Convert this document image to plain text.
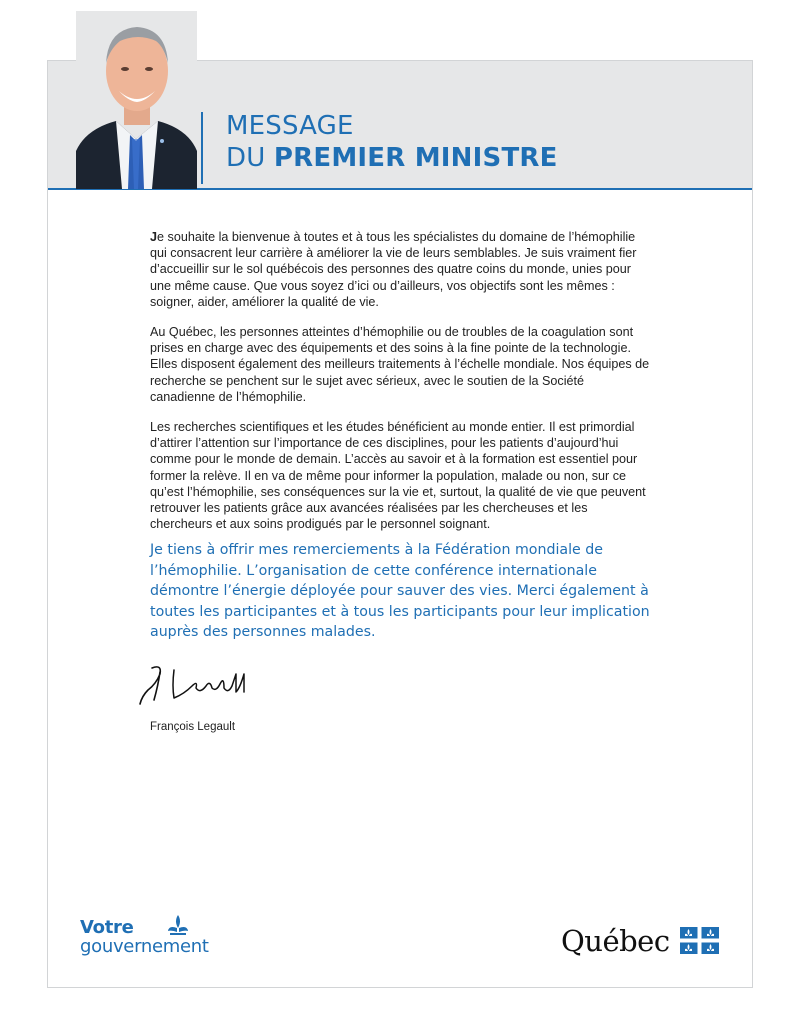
MESSAGE
DU PREMIER MINISTRE

Je souhaite la bienvenue à toutes et à tous les spécialistes du domaine de l’hémophilie qui consacrent leur carrière à améliorer la vie de leurs semblables. Je suis vraiment fier d’accueillir sur le sol québécois des personnes des quatre coins du monde, unies pour une même cause. Que vous soyez d’ici ou d’ailleurs, vos objectifs sont les mêmes : soigner, aider, améliorer la qualité de vie.

Au Québec, les personnes atteintes d’hémophilie ou de troubles de la coagulation sont prises en charge avec des équipements et des soins à la fine pointe de la technologie. Elles disposent également des meilleurs traitements à l’échelle mondiale. Nos équipes de recherche se penchent sur le sujet avec sérieux, avec le soutien de la Société canadienne de l’hémophilie.

Les recherches scientifiques et les études bénéficient au monde entier. Il est primordial d’attirer l’attention sur l’importance de ces disciplines, pour les patients d’aujourd’hui comme pour le monde de demain. L’accès au savoir et à la formation est essentiel pour former la relève. Il en va de même pour informer la population, malade ou non, sur ce qu’est l’hémophilie, ses conséquences sur la vie et, surtout, la qualité de vie que peuvent retrouver les patients grâce aux avancées réalisées par les chercheuses et les chercheurs et aux soins prodigués par le personnel soignant.

Je tiens à offrir mes remerciements à la Fédération mondiale de l’hémophilie. L’organisation de cette conférence internationale démontre l’énergie déployée pour sauver des vies. Merci également à toutes les participantes et à tous les participants pour leur implication auprès des personnes malades.
François Legault
Votre
gouvernement	Québec
